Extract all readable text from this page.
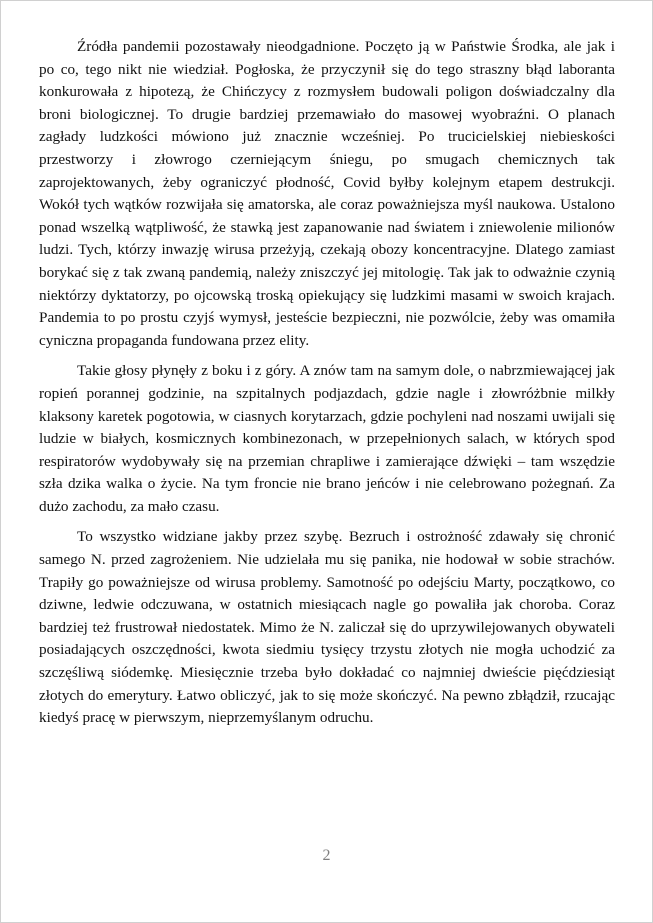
Źródła pandemii pozostawały nieodgadnione. Poczęto ją w Państwie Środka, ale jak i po co, tego nikt nie wiedział. Pogłoska, że przyczynił się do tego straszny błąd laboranta konkurowała z hipotezą, że Chińczycy z rozmysłem budowali poligon doświadczalny dla broni biologicznej. To drugie bardziej przemawiało do masowej wyobraźni. O planach zagłady ludzkości mówiono już znacznie wcześniej. Po trucicielskiej niebieskości przestworzy i złowrogo czerniejącym śniegu, po smugach chemicznych tak zaprojektowanych, żeby ograniczyć płodność, Covid byłby kolejnym etapem destrukcji. Wokół tych wątków rozwijała się amatorska, ale coraz poważniejsza myśl naukowa. Ustalono ponad wszelką wątpliwość, że stawką jest zapanowanie nad światem i zniewolenie milionów ludzi. Tych, którzy inwazję wirusa przeżyją, czekają obozy koncentracyjne. Dlatego zamiast borykać się z tak zwaną pandemią, należy zniszczyć jej mitologię. Tak jak to odważnie czynią niektórzy dyktatorzy, po ojcowską troską opiekujący się ludzkimi masami w swoich krajach. Pandemia to po prostu czyjś wymysł, jesteście bezpieczni, nie pozwólcie, żeby was omamiła cyniczna propaganda fundowana przez elity.

Takie głosy płynęły z boku i z góry. A znów tam na samym dole, o nabrzmiewającej jak ropień porannej godzinie, na szpitalnych podjazdach, gdzie nagle i złowróżbnie milkły klaksony karetek pogotowia, w ciasnych korytarzach, gdzie pochyleni nad noszami uwijali się ludzie w białych, kosmicznych kombinezonach, w przepełnionych salach, w których spod respiratorów wydobywały się na przemian chrapliwe i zamierające dźwięki – tam wszędzie szła dzika walka o życie. Na tym froncie nie brano jeńców i nie celebrowano pożegnań. Za dużo zachodu, za mało czasu.

To wszystko widziane jakby przez szybę. Bezruch i ostrożność zdawały się chronić samego N. przed zagrożeniem. Nie udzielała mu się panika, nie hodował w sobie strachów. Trapiły go poważniejsze od wirusa problemy. Samotność po odejściu Marty, początkowo, co dziwne, ledwie odczuwana, w ostatnich miesiącach nagle go powaliła jak choroba. Coraz bardziej też frustrował niedostatek. Mimo że N. zaliczał się do uprzywilejowanych obywateli posiadających oszczędności, kwota siedmiu tysięcy trzystu złotych nie mogła uchodzić za szczęśliwą siódemkę. Miesięcznie trzeba było dokładać co najmniej dwieście pięćdziesiąt złotych do emerytury. Łatwo obliczyć, jak to się może skończyć. Na pewno zbłądził, rzucając kiedyś pracę w pierwszym, nieprzemyślanym odruchu.

2
